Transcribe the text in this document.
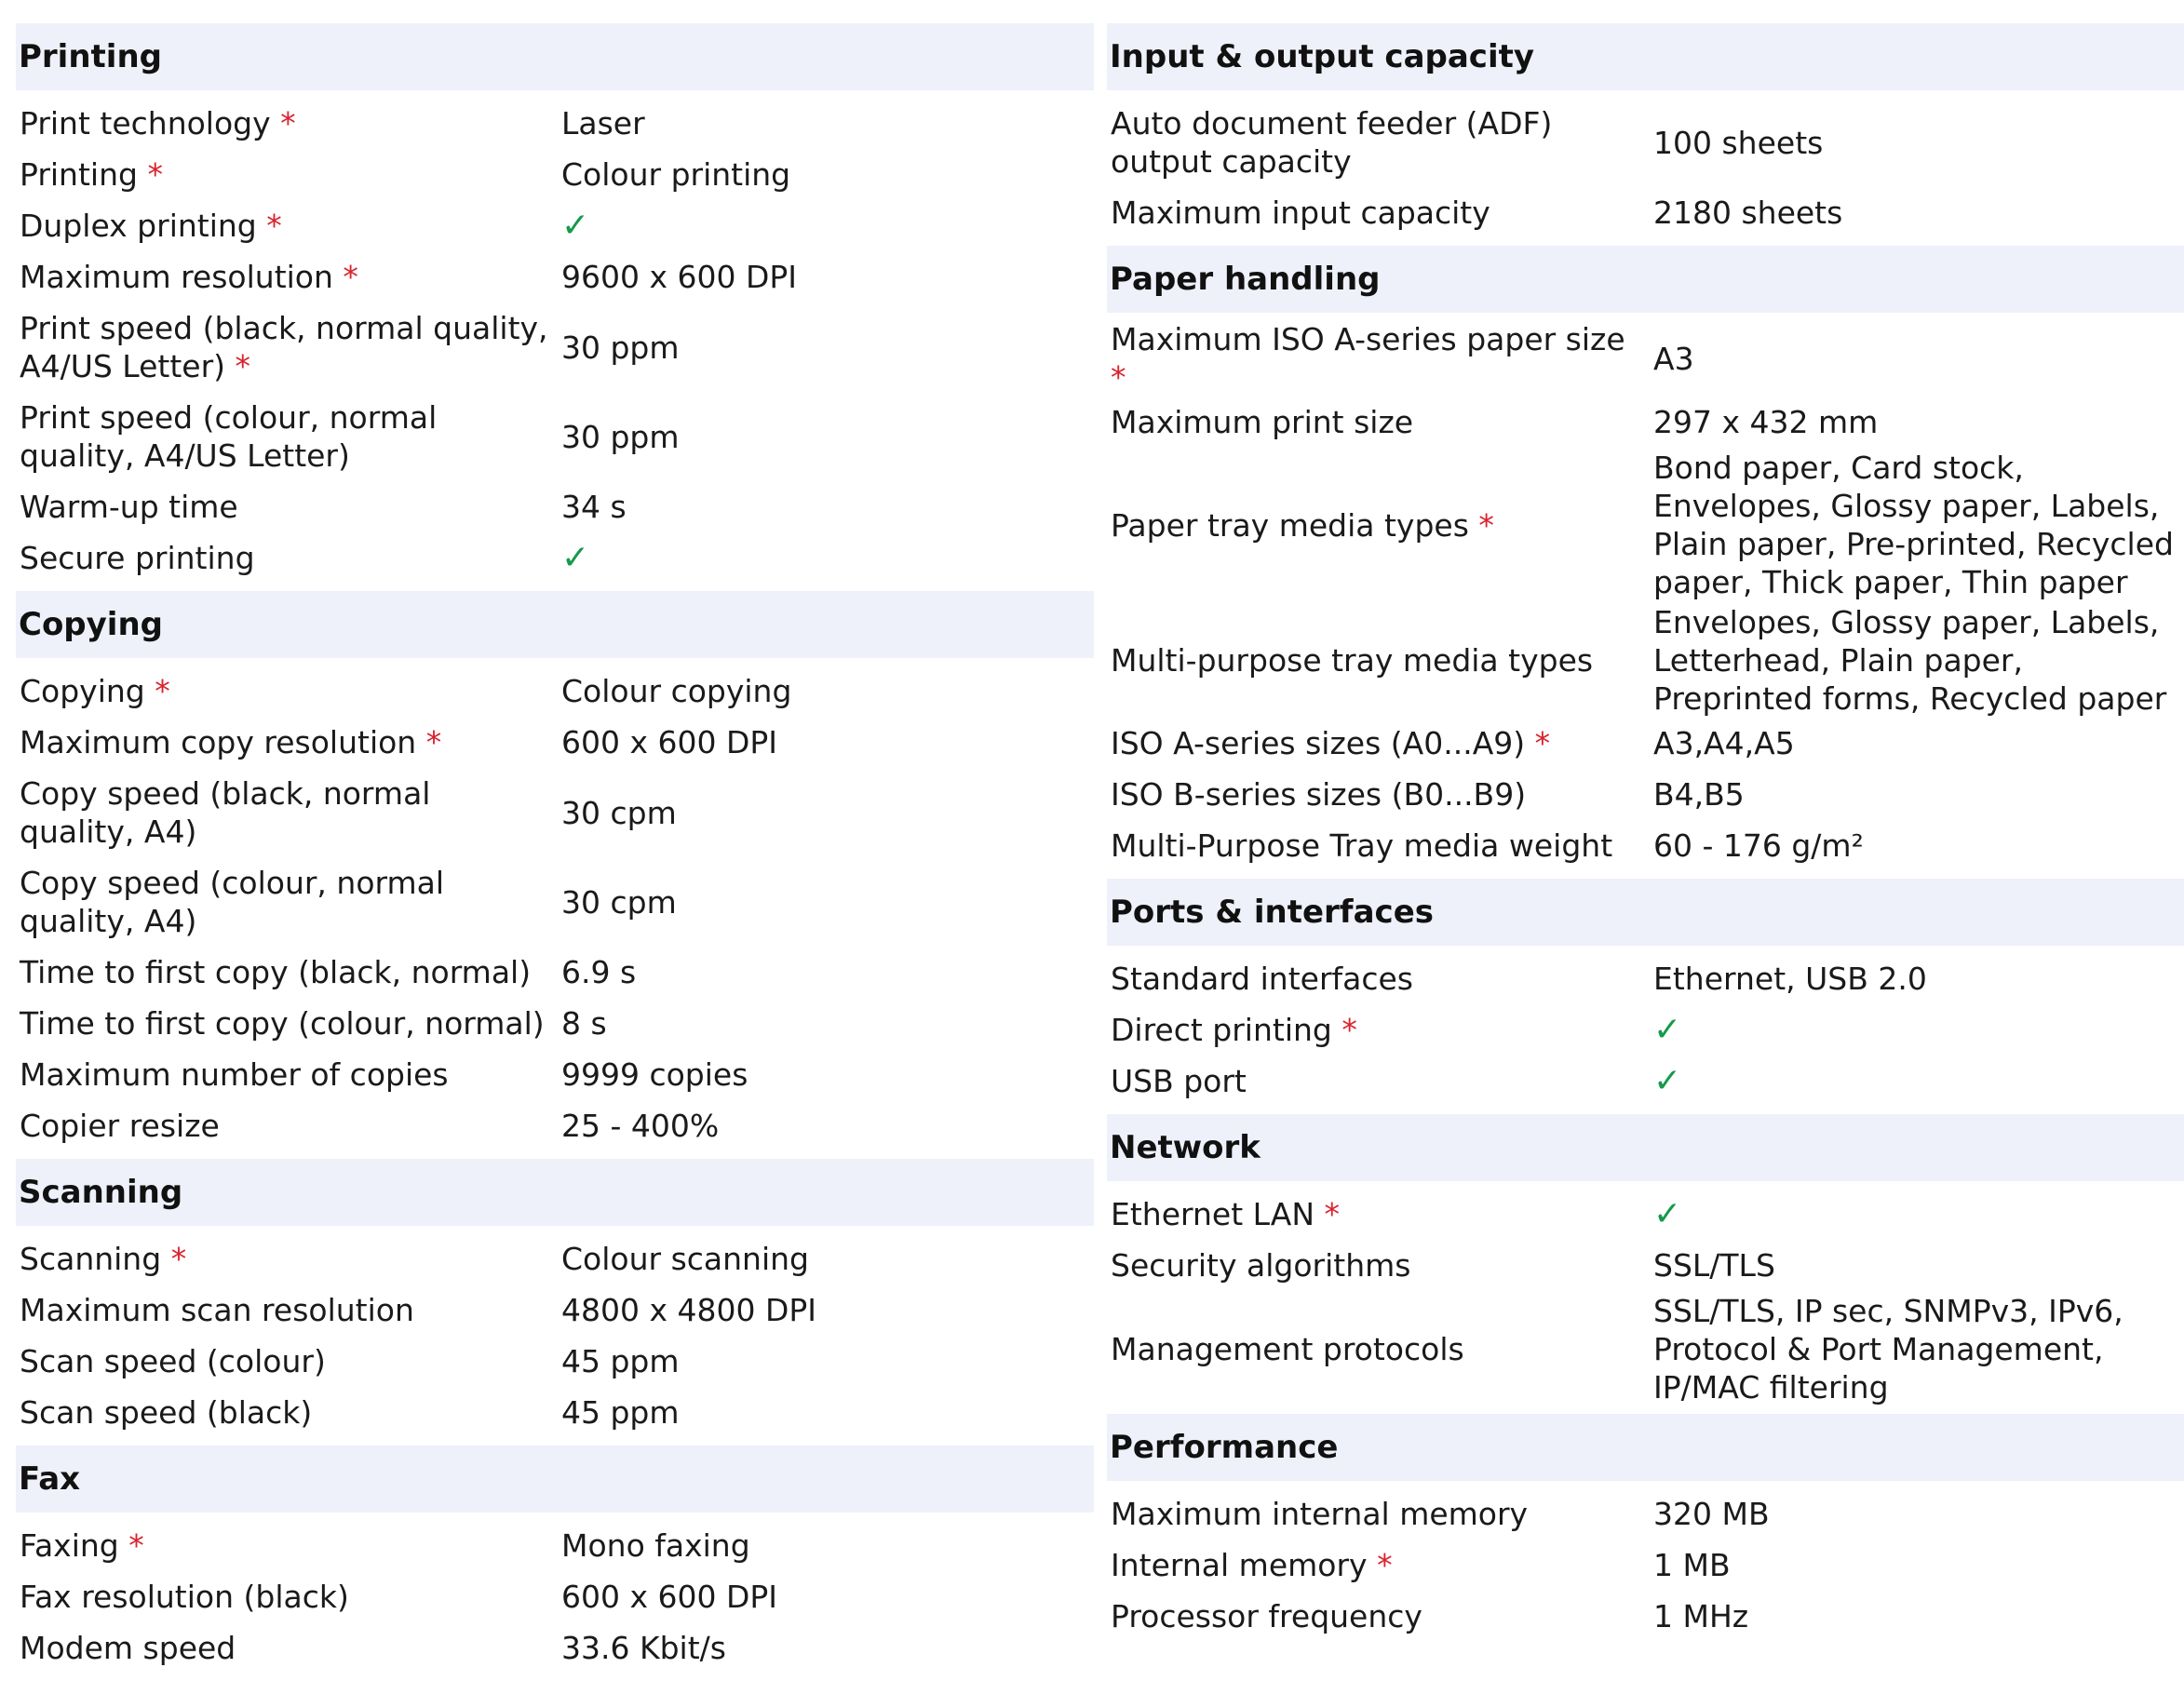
Printing
Print technology *	Laser
Printing *	Colour printing
Duplex printing *	✓
Maximum resolution *	9600 x 600 DPI
Print speed (black, normal quality, A4/US Letter) *	30 ppm
Print speed (colour, normal quality, A4/US Letter)	30 ppm
Warm-up time	34 s
Secure printing	✓
Copying
Copying *	Colour copying
Maximum copy resolution *	600 x 600 DPI
Copy speed (black, normal quality, A4)	30 cpm
Copy speed (colour, normal quality, A4)	30 cpm
Time to first copy (black, normal)	6.9 s
Time to first copy (colour, normal)	8 s
Maximum number of copies	9999 copies
Copier resize	25 - 400%
Scanning
Scanning *	Colour scanning
Maximum scan resolution	4800 x 4800 DPI
Scan speed (colour)	45 ppm
Scan speed (black)	45 ppm
Fax
Faxing *	Mono faxing
Fax resolution (black)	600 x 600 DPI
Modem speed	33.6 Kbit/s
Input & output capacity
Auto document feeder (ADF) output capacity	100 sheets
Maximum input capacity	2180 sheets
Paper handling
Maximum ISO A-series paper size *	A3
Maximum print size	297 x 432 mm
Paper tray media types *	Bond paper, Card stock, Envelopes, Glossy paper, Labels, Plain paper, Pre-printed, Recycled paper, Thick paper, Thin paper
Multi-purpose tray media types	Envelopes, Glossy paper, Labels, Letterhead, Plain paper, Preprinted forms, Recycled paper
ISO A-series sizes (A0...A9) *	A3,A4,A5
ISO B-series sizes (B0...B9)	B4,B5
Multi-Purpose Tray media weight	60 - 176 g/m²
Ports & interfaces
Standard interfaces	Ethernet, USB 2.0
Direct printing *	✓
USB port	✓
Network
Ethernet LAN *	✓
Security algorithms	SSL/TLS
Management protocols	SSL/TLS, IP sec, SNMPv3, IPv6, Protocol & Port Management, IP/MAC filtering
Performance
Maximum internal memory	320 MB
Internal memory *	1 MB
Processor frequency	1 MHz
